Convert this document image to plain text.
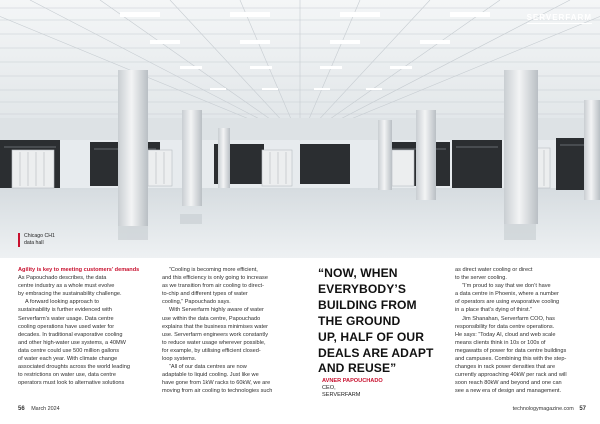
SERVERFARM
Chicago CH1
data hall

Agility is key to meeting customers’ demands

As Papouchado describes, the data

centre industry as a whole must evolve

by embracing the sustainability challenge.

A forward looking approach to

sustainability is further evidenced with

Serverfarm’s water usage. Data centre

cooling operations have used water for

decades. In traditional evaporative cooling

and other high-water use systems, a 40MW

data centre could use 500 million gallons

of water each year. With climate change

associated droughts across the world leading

to restrictions on water use, data centre

operators must look to alternative solutions

“Cooling is becoming more efficient,

and this efficiency is only going to increase

as we transition from air cooling to direct-

to-chip and different types of water

cooling,” Papouchado says.

With Serverfarm highly aware of water

use within the data centre, Papouchado

explains that the business minimises water

use. Serverfarm engineers work constantly

to reduce water usage wherever possible,

for example, by utilising efficient closed-

loop systems.

“All of our data centres are now

adaptable to liquid cooling. Just like we

have gone from 1kW racks to 60kW, we are

moving from air cooling to technologies such

“NOW, WHEN
EVERYBODY’S
BUILDING FROM
THE GROUND
UP, HALF OF OUR
DEALS ARE ADAPT
AND REUSE”
AVNER PAPOUCHADO
CEO,
SERVERFARM

as direct water cooling or direct

to the server cooling.

“I’m proud to say that we don’t have

a data centre in Phoenix, where a number

of operators are using evaporative cooling

in a place that’s dying of thirst.”

Jim Shanahan, Serverfarm COO, has

responsibility for data centre operations.

He says: “Today AI, cloud and web scale

means clients think in 10s or 100s of

megawatts of power for data centre buildings

and campuses. Combining this with the step-

changes in rack power densities that are

currently approaching 40kW per rack and will

soon reach 80kW and beyond and one can

see a new era of design and management.

56 March 2024	technologymagazine.com 57
